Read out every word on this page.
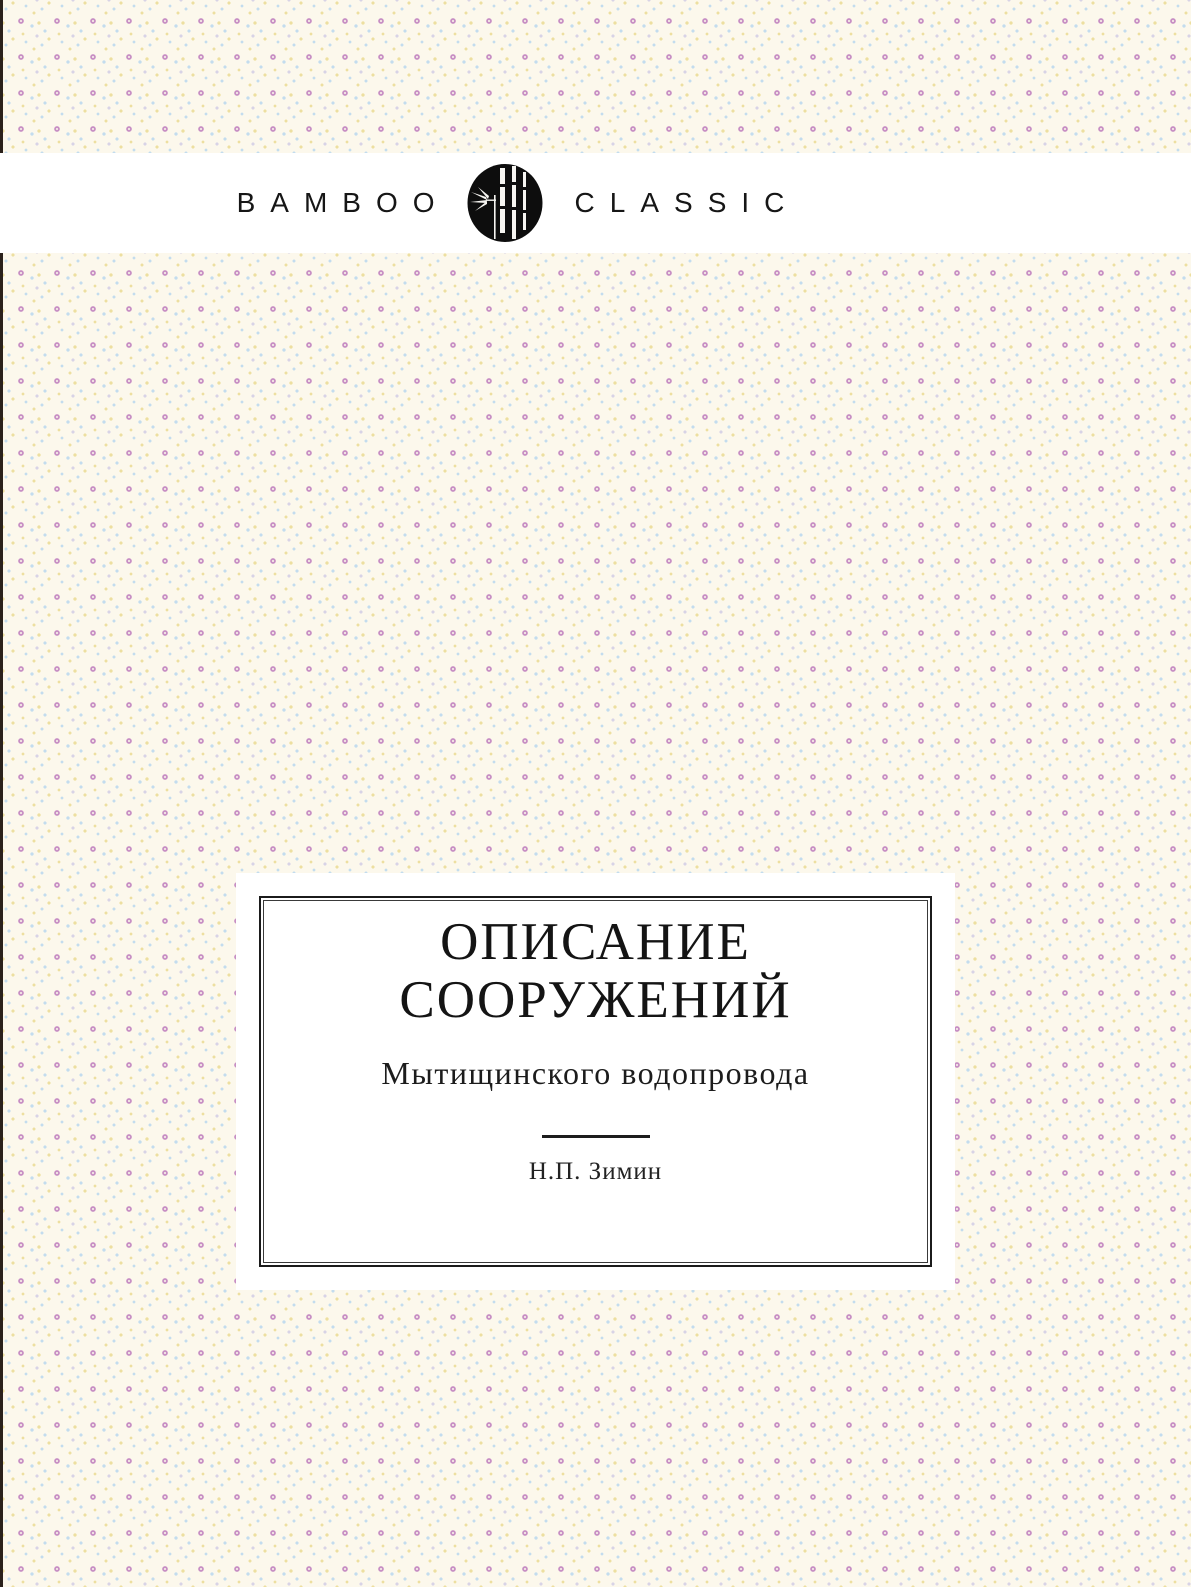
BAMBOO	CLASSIC
ОПИСАНИЕ
СООРУЖЕНИЙ
Мытищинского водопровода
Н.П. Зимин
